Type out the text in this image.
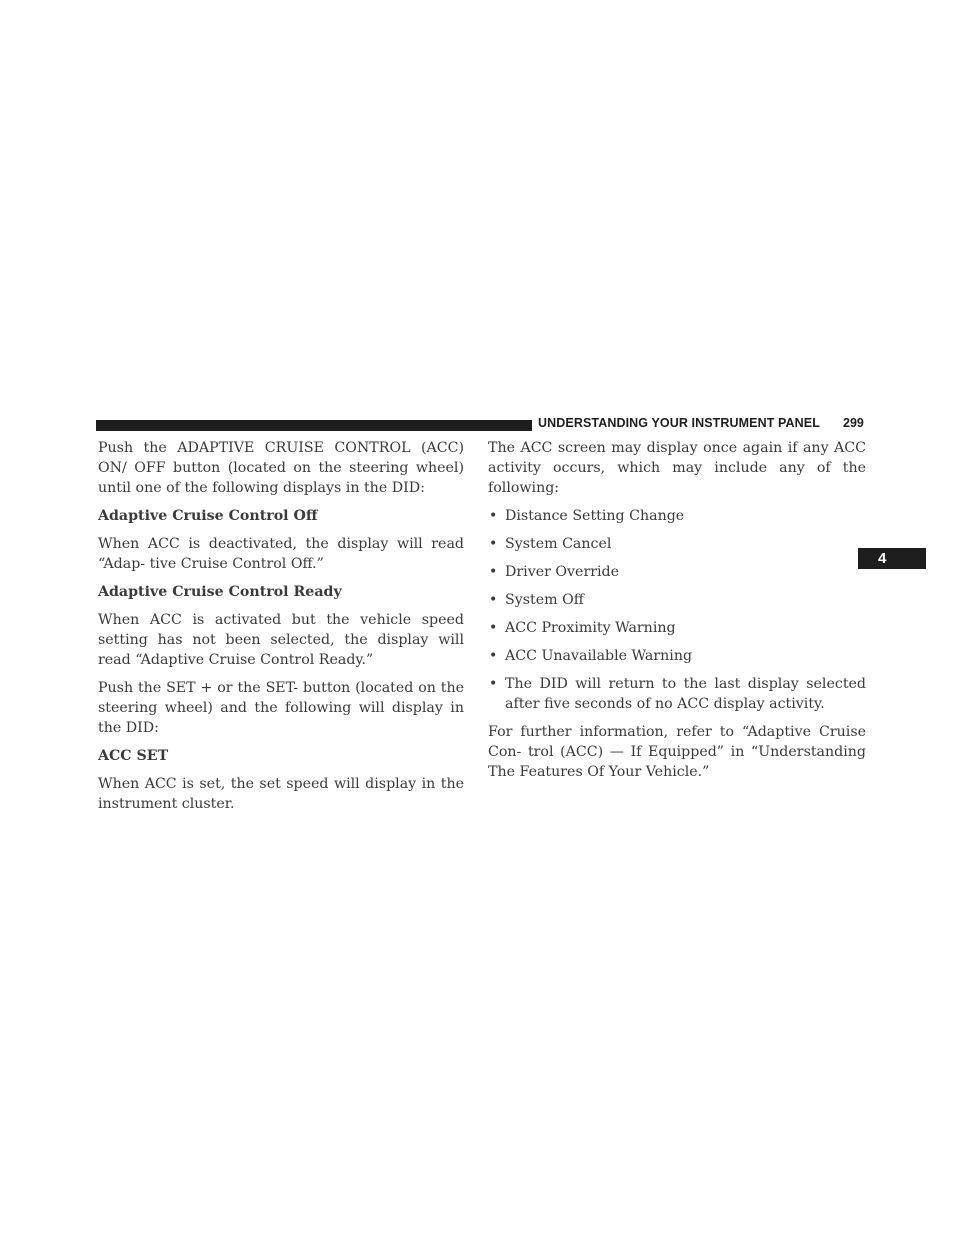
UNDERSTANDING YOUR INSTRUMENT PANEL 299
4

Push the ADAPTIVE CRUISE CONTROL (ACC) ON/ OFF button (located on the steering wheel) until one of the following displays in the DID:

Adaptive Cruise Control Off

When ACC is deactivated, the display will read “Adap- tive Cruise Control Off.”

Adaptive Cruise Control Ready

When ACC is activated but the vehicle speed setting has not been selected, the display will read “Adaptive Cruise Control Ready.”

Push the SET + or the SET- button (located on the steering wheel) and the following will display in the DID:

ACC SET

When ACC is set, the set speed will display in the instrument cluster.

The ACC screen may display once again if any ACC activity occurs, which may include any of the following:

• Distance Setting Change
• System Cancel
• Driver Override
• System Off
• ACC Proximity Warning
• ACC Unavailable Warning
• The DID will return to the last display selected after five seconds of no ACC display activity.

For further information, refer to “Adaptive Cruise Con- trol (ACC) — If Equipped” in “Understanding The Features Of Your Vehicle.”
